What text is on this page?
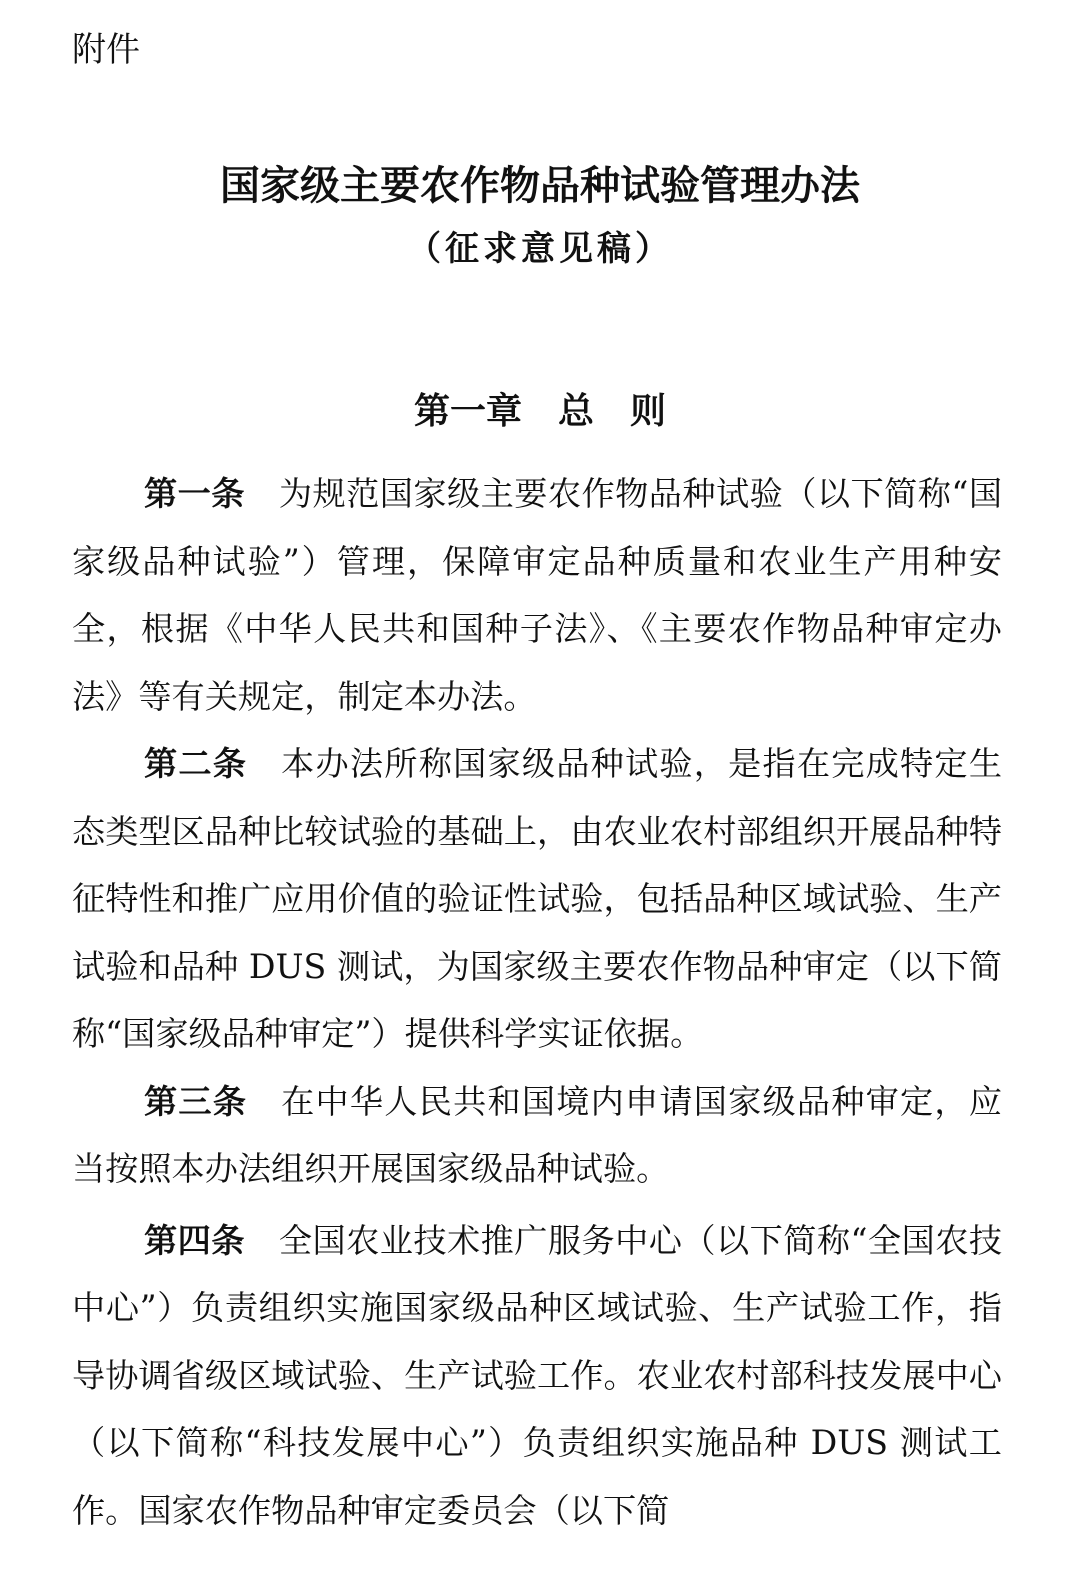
附件

国家级主要农作物品种试验管理办法
（征求意见稿）
第一章　总　则

第一条 为规范国家级主要农作物品种试验（以下简称“国家级品种试验”）管理，保障审定品种质量和农业生产用种安全，根据《中华人民共和国种子法》、《主要农作物品种审定办法》等有关规定，制定本办法。

第二条 本办法所称国家级品种试验，是指在完成特定生态类型区品种比较试验的基础上，由农业农村部组织开展品种特征特性和推广应用价值的验证性试验，包括品种区域试验、生产试验和品种 DUS 测试，为国家级主要农作物品种审定（以下简称“国家级品种审定”）提供科学实证依据。

第三条 在中华人民共和国境内申请国家级品种审定，应当按照本办法组织开展国家级品种试验。

第四条 全国农业技术推广服务中心（以下简称“全国农技中心”）负责组织实施国家级品种区域试验、生产试验工作，指导协调省级区域试验、生产试验工作。农业农村部科技发展中心（以下简称“科技发展中心”）负责组织实施品种 DUS 测试工作。国家农作物品种审定委员会（以下简
